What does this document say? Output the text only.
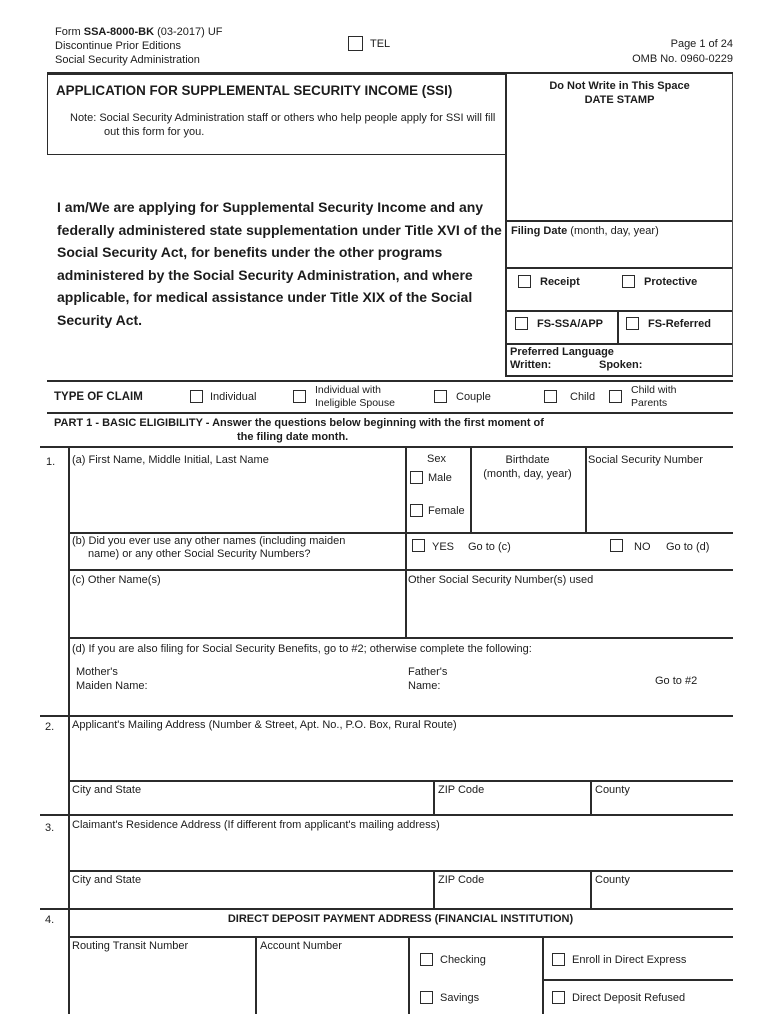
Form SSA-8000-BK (03-2017) UF
Discontinue Prior Editions
Social Security Administration
TEL	Page 1 of 24
OMB No. 0960-0229
APPLICATION FOR SUPPLEMENTAL SECURITY INCOME (SSI)
Note: Social Security Administration staff or others who help people apply for SSI will fill out this form for you.
I am/We are applying for Supplemental Security Income and any federally administered state supplementation under Title XVI of the Social Security Act, for benefits under the other programs administered by the Social Security Administration, and where applicable, for medical assistance under Title XIX of the Social Security Act.
Do Not Write in This Space
DATE STAMP
Filing Date (month, day, year)
Receipt	Protective
FS-SSA/APP	FS-Referred
Preferred Language
Written:	Spoken:
TYPE OF CLAIM	Individual
Individual with
Ineligible Spouse	Couple	Child
Child with
Parents
PART 1 - BASIC ELIGIBILITY - Answer the questions below beginning with the first moment of
the filing date month.
1. (a) First Name, Middle Initial, Last Name	Sex
Male
Female
Birthdate
(month, day, year)
Social Security Number
(b) Did you ever use any other names (including maiden name) or any other Social Security Numbers?
YES Go to (c)	NO Go to (d)
(c) Other Name(s)	Other Social Security Number(s) used
(d) If you are also filing for Social Security Benefits, go to #2; otherwise complete the following:
Mother's
Maiden Name:
Father's
Name:	Go to #2
2. Applicant's Mailing Address (Number & Street, Apt. No., P.O. Box, Rural Route)
City and State	ZIP Code	County
3. Claimant's Residence Address (If different from applicant's mailing address)
City and State	ZIP Code	County
4.	DIRECT DEPOSIT PAYMENT ADDRESS (FINANCIAL INSTITUTION)
Routing Transit Number	Account Number
Checking
Savings
Enroll in Direct Express
Direct Deposit Refused
